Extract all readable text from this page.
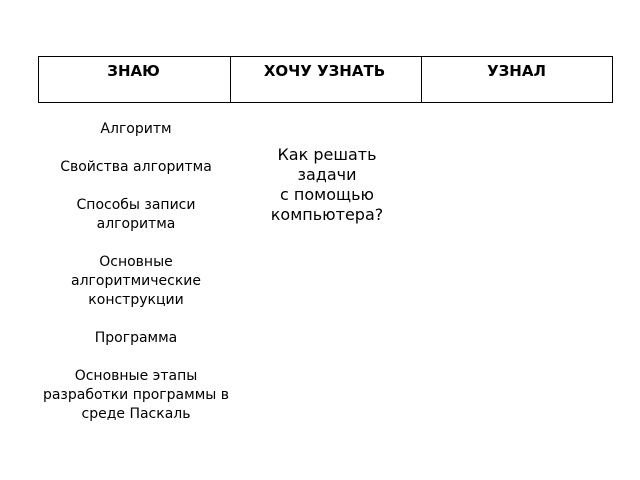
ЗНАЮ	ХОЧУ УЗНАТЬ	УЗНАЛ
Алгоритм
Свойства алгоритма
Способы записи алгоритма
Основные алгоритмические конструкции
Программа
Основные этапы разработки программы в среде Паскаль
Как решать задачи
с помощью компьютера?
